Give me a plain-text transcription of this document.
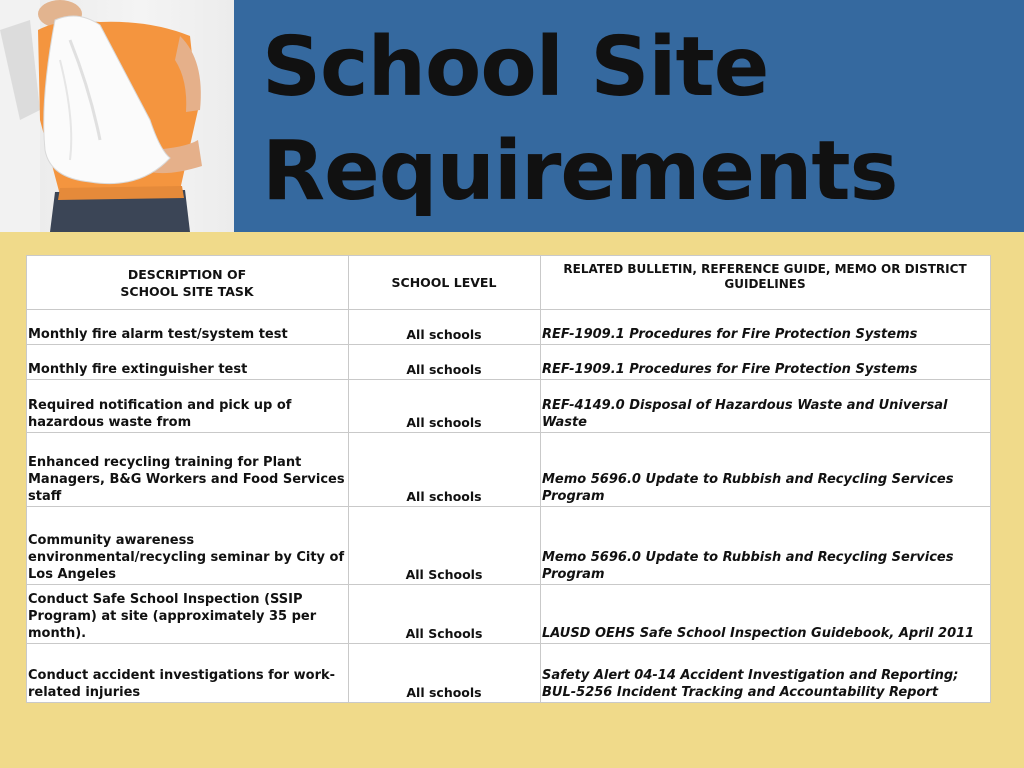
School Site
Requirements
DESCRIPTION OF
SCHOOL SITE TASK	SCHOOL LEVEL	RELATED BULLETIN, REFERENCE GUIDE, MEMO OR DISTRICT GUIDELINES
Monthly fire alarm test/system test	All schools	REF-1909.1 Procedures for Fire Protection Systems
Monthly fire extinguisher test	All schools	REF-1909.1 Procedures for Fire Protection Systems
Required notification and pick up of hazardous waste from	All schools	REF-4149.0 Disposal of Hazardous Waste and Universal Waste
Enhanced recycling training for Plant Managers, B&G Workers and Food Services staff	All schools	Memo 5696.0 Update to Rubbish and Recycling Services Program
Community awareness environmental/recycling seminar by City of Los Angeles	All Schools	Memo 5696.0 Update to Rubbish and Recycling Services Program
Conduct Safe School Inspection (SSIP Program) at site (approximately 35 per month).	All Schools	LAUSD OEHS Safe School Inspection Guidebook, April 2011
Conduct accident investigations for work-related injuries	All schools	Safety Alert 04-14 Accident Investigation and Reporting; BUL-5256 Incident Tracking and Accountability Report
